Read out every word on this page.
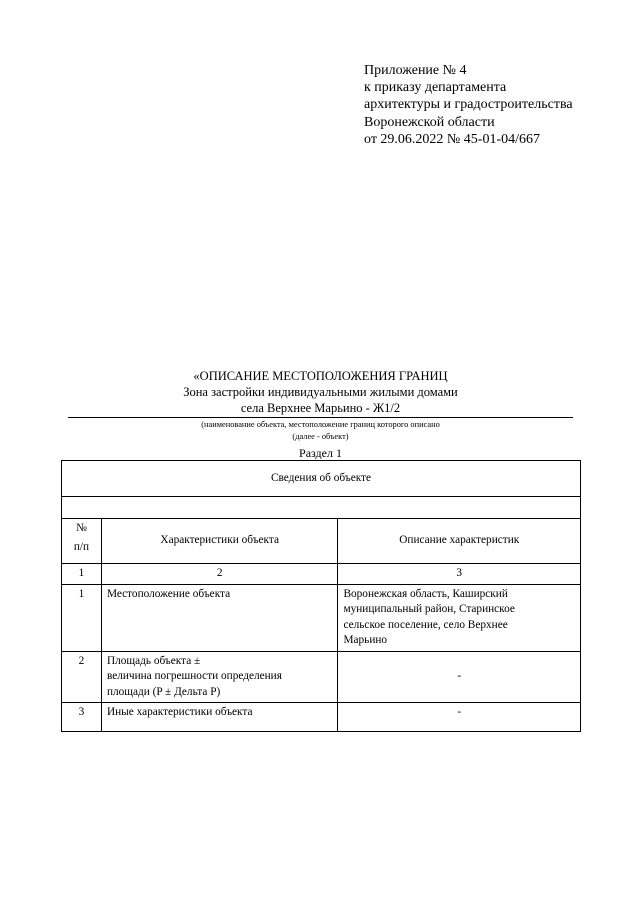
Приложение № 4
к приказу департамента
архитектуры и градостроительства
Воронежской области
от 29.06.2022 № 45-01-04/667
«ОПИСАНИЕ МЕСТОПОЛОЖЕНИЯ ГРАНИЦ
Зона застройки индивидуальными жилыми домами
села Верхнее Марьино - Ж1/2
(наименование объекта, местоположение границ которого описано
(далее - объект)
Раздел 1
Сведения об объекте		

№
п/п	Характеристики объекта	Описание характеристик
1	2	3
1	Местоположение объекта	Воронежская область, Каширский
муниципальный район, Старинское
сельское поселение, село Верхнее
Марьино

2	Площадь объекта ±
величина погрешности определения
площади (P ± Дельта P)	-
3	Иные характеристики объекта	-
